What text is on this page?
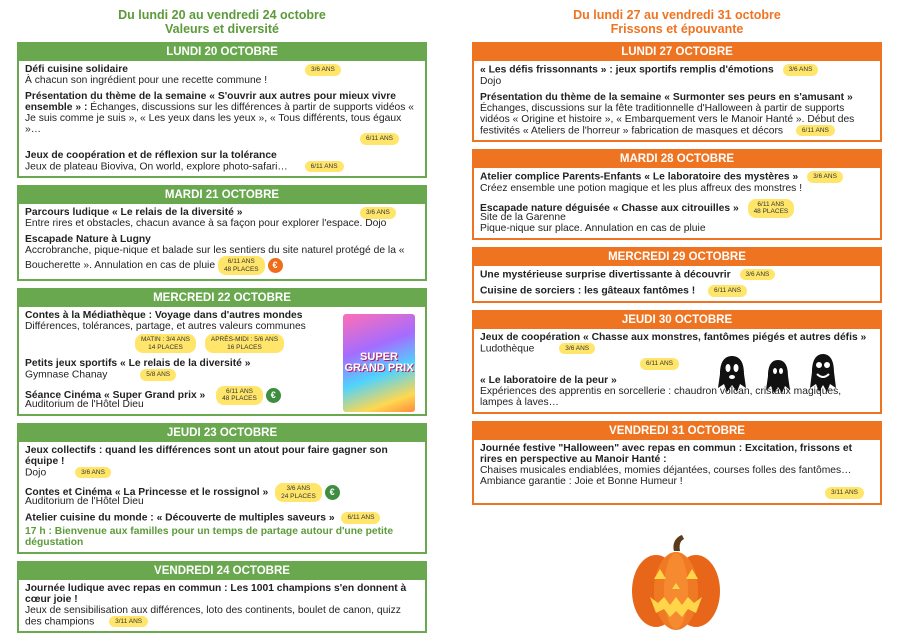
Du lundi 20 au vendredi 24 octobre
Valeurs et diversité
LUNDI 20 OCTOBRE
Défi cuisine solidaire	3/6 ANS
À chacun son ingrédient pour une recette commune !
Présentation du thème de la semaine « S'ouvrir aux autres pour mieux vivre ensemble » : Échanges, discussions sur les différences à partir de supports vidéos « Je suis comme je suis », « Les yeux dans les yeux », « Tous différents, tous égaux »…
6/11 ANS
Jeux de coopération et de réflexion sur la tolérance
Jeux de plateau Bioviva, On world, explore photo-safari…	6/11 ANS
MARDI 21 OCTOBRE
Parcours ludique « Le relais de la diversité »	3/6 ANS
Entre rires et obstacles, chacun avance à sa façon pour explorer l'espace. Dojo
Escapade Nature à Lugny
Accrobranche, pique-nique et balade sur les sentiers du site naturel protégé de la « Boucherette ». Annulation en cas de pluie 6/11 ANS
48 PLACES €
MERCREDI 22 OCTOBRE
Contes à la Médiathèque : Voyage dans d'autres mondes
Différences, tolérances, partage, et autres valeurs communes
MATIN : 3/4 ANS
14 PLACES APRÈS-MIDI : 5/6 ANS
16 PLACES
Petits jeux sportifs « Le relais de la diversité »
Gymnase Chanay	5/8 ANS
Séance Cinéma « Super Grand prix »	6/11 ANS
48 PLACES €
Auditorium de l'Hôtel Dieu
SUPER GRAND PRIX
JEUDI 23 OCTOBRE
Jeux collectifs : quand les différences sont un atout pour faire gagner son équipe !
Dojo	3/6 ANS
Contes et Cinéma « La Princesse et le rossignol »	3/6 ANS
24 PLACES €
Auditorium de l'Hôtel Dieu
Atelier cuisine du monde : « Découverte de multiples saveurs » 6/11 ANS
17 h : Bienvenue aux familles pour un temps de partage autour d'une petite dégustation
VENDREDI 24 OCTOBRE
Journée ludique avec repas en commun : Les 1001 champions s'en donnent à cœur joie !
Jeux de sensibilisation aux différences, loto des continents, boulet de canon, quizz des champions	3/11 ANS
Du lundi 27 au vendredi 31 octobre
Frissons et épouvante
LUNDI 27 OCTOBRE
« Les défis frissonnants » : jeux sportifs remplis d'émotions 3/6 ANS
Dojo
Présentation du thème de la semaine « Surmonter ses peurs en s'amusant »
Échanges, discussions sur la fête traditionnelle d'Halloween à partir de supports vidéos « Origine et histoire », « Embarquement vers le Manoir Hanté ». Début des festivités « Ateliers de l'horreur » fabrication de masques et décors	6/11 ANS
MARDI 28 OCTOBRE
Atelier complice Parents-Enfants « Le laboratoire des mystères » 3/6 ANS
Créez ensemble une potion magique et les plus affreux des monstres !
Escapade nature déguisée « Chasse aux citrouilles »	6/11 ANS
48 PLACES
Site de la Garenne
Pique-nique sur place. Annulation en cas de pluie
MERCREDI 29 OCTOBRE
Une mystérieuse surprise divertissante à découvrir 3/6 ANS
Cuisine de sorciers : les gâteaux fantômes !	6/11 ANS
JEUDI 30 OCTOBRE
Jeux de coopération « Chasse aux monstres, fantômes piégés et autres défis »
Ludothèque	3/6 ANS
6/11 ANS
« Le laboratoire de la peur »
Expériences des apprentis en sorcellerie : chaudron volcan, cristaux magiques, lampes à laves…
VENDREDI 31 OCTOBRE
Journée festive "Halloween" avec repas en commun : Excitation, frissons et rires en perspective au Manoir Hanté :
Chaises musicales endiablées, momies déjantées, courses folles des fantômes… Ambiance garantie : Joie et Bonne Humeur !
3/11 ANS
